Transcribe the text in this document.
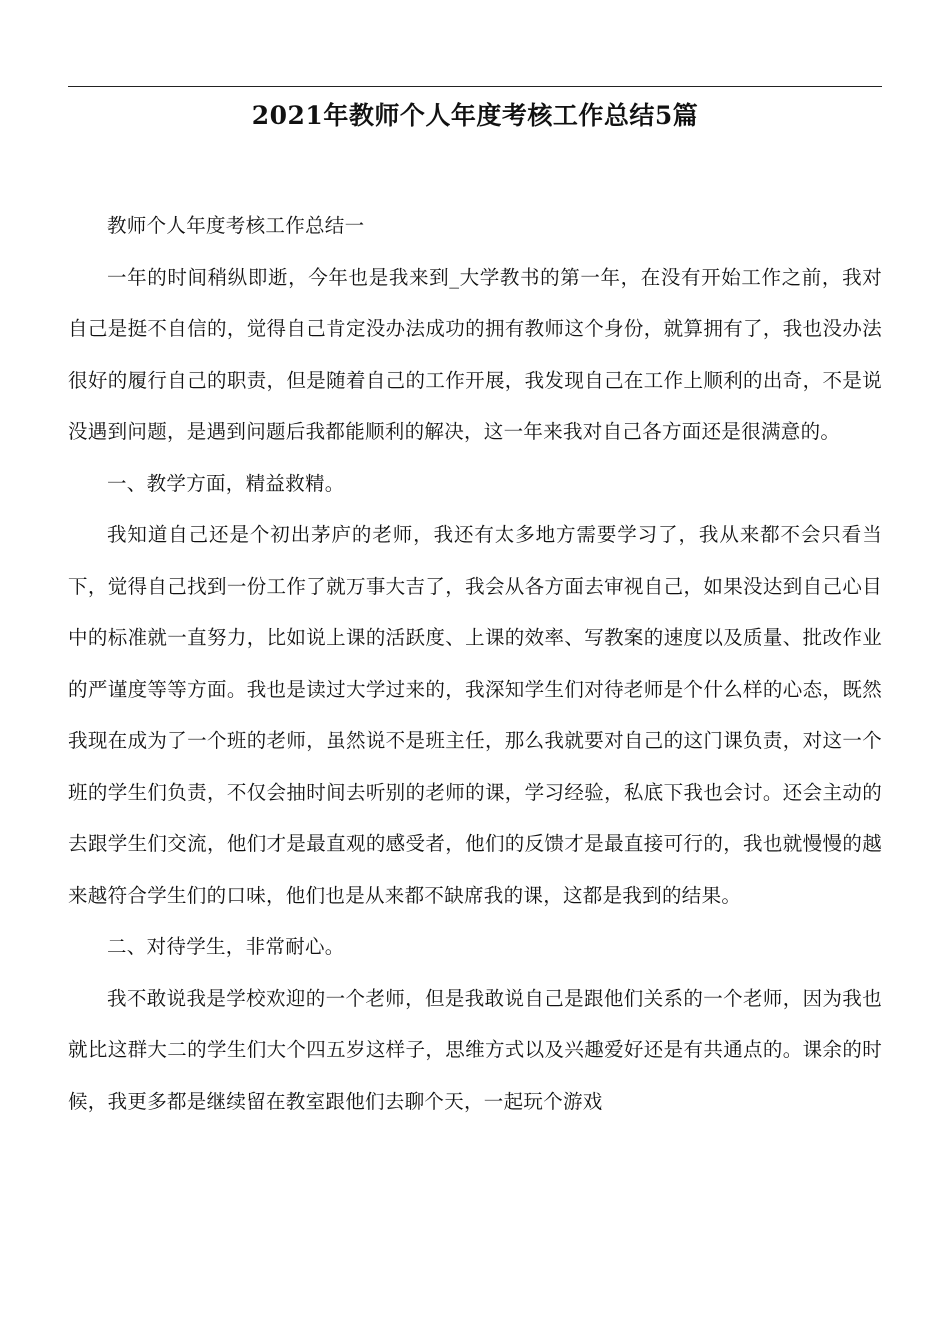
2021年教师个人年度考核工作总结5篇

教师个人年度考核工作总结一

一年的时间稍纵即逝，今年也是我来到_大学教书的第一年，在没有开始工作之前，我对自己是挺不自信的，觉得自己肯定没办法成功的拥有教师这个身份，就算拥有了，我也没办法很好的履行自己的职责，但是随着自己的工作开展，我发现自己在工作上顺利的出奇，不是说没遇到问题，是遇到问题后我都能顺利的解决，这一年来我对自己各方面还是很满意的。

一、教学方面，精益救精。

我知道自己还是个初出茅庐的老师，我还有太多地方需要学习了，我从来都不会只看当下，觉得自己找到一份工作了就万事大吉了，我会从各方面去审视自己，如果没达到自己心目中的标准就一直努力，比如说上课的活跃度、上课的效率、写教案的速度以及质量、批改作业的严谨度等等方面。我也是读过大学过来的，我深知学生们对待老师是个什么样的心态，既然我现在成为了一个班的老师，虽然说不是班主任，那么我就要对自己的这门课负责，对这一个班的学生们负责，不仅会抽时间去听别的老师的课，学习经验，私底下我也会讨。还会主动的去跟学生们交流，他们才是最直观的感受者，他们的反馈才是最直接可行的，我也就慢慢的越来越符合学生们的口味，他们也是从来都不缺席我的课，这都是我到的结果。

二、对待学生，非常耐心。

我不敢说我是学校欢迎的一个老师，但是我敢说自己是跟他们关系的一个老师，因为我也就比这群大二的学生们大个四五岁这样子，思维方式以及兴趣爱好还是有共通点的。课余的时候，我更多都是继续留在教室跟他们去聊个天，一起玩个游戏
